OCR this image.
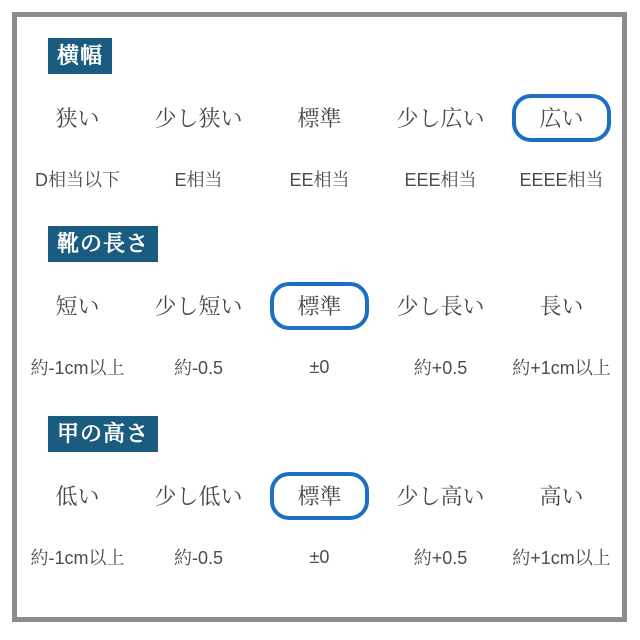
横幅
狭い	少し狭い	標準	少し広い	広い
D相当以下	E相当	EE相当	EEE相当 EEEE相当
靴の長さ
短い	少し短い	標準	少し長い	長い
約-1cm以上	約-0.5	±0	約+0.5 約+1cm以上
甲の高さ
低い	少し低い	標準	少し高い	高い
約-1cm以上	約-0.5	±0	約+0.5 約+1cm以上
